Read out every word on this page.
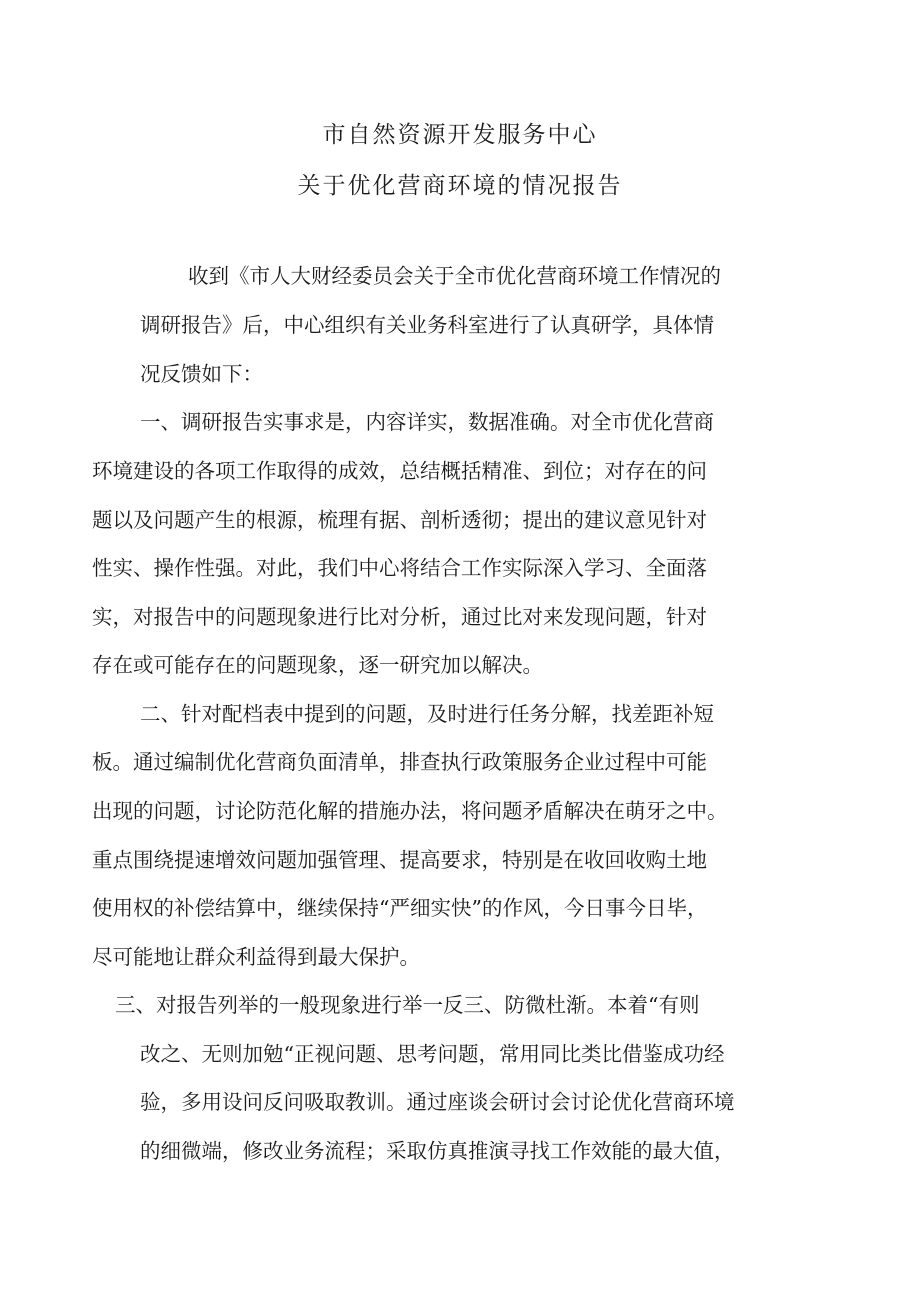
市自然资源开发服务中心
关于优化营商环境的情况报告
收到《市人大财经委员会关于全市优化营商环境工作情况的
调研报告》后，中心组织有关业务科室进行了认真研学，具体情
况反馈如下：
一、调研报告实事求是，内容详实，数据准确。对全市优化营商
环境建设的各项工作取得的成效，总结概括精准、到位；对存在的问
题以及问题产生的根源，梳理有据、剖析透彻；提出的建议意见针对
性实、操作性强。对此，我们中心将结合工作实际深入学习、全面落
实，对报告中的问题现象进行比对分析，通过比对来发现问题，针对
存在或可能存在的问题现象，逐一研究加以解决。
二、针对配档表中提到的问题，及时进行任务分解，找差距补短
板。通过编制优化营商负面清单，排查执行政策服务企业过程中可能
出现的问题，讨论防范化解的措施办法，将问题矛盾解决在萌牙之中。
重点围绕提速增效问题加强管理、提高要求，特别是在收回收购土地
使用权的补偿结算中，继续保持“严细实快”的作风，今日事今日毕，
尽可能地让群众利益得到最大保护。
三、对报告列举的一般现象进行举一反三、防微杜渐。本着“有则
改之、无则加勉“正视问题、思考问题，常用同比类比借鉴成功经
验，多用设问反问吸取教训。通过座谈会研讨会讨论优化营商环境
的细微端，修改业务流程；采取仿真推演寻找工作效能的最大值，
